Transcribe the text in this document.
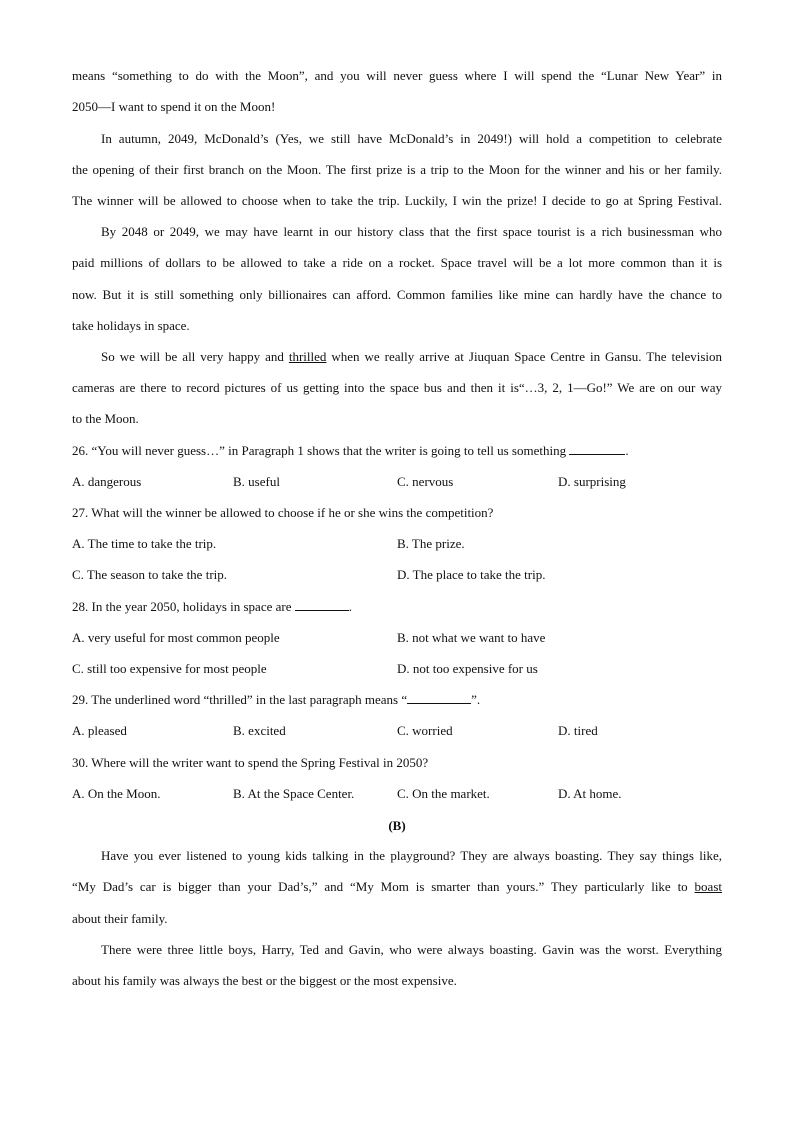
means “something to do with the Moon”, and you will never guess where I will spend the “Lunar New Year” in
2050—I want to spend it on the Moon!
In autumn, 2049, McDonald’s (Yes, we still have McDonald’s in 2049!) will hold a competition to celebrate
the opening of their first branch on the Moon. The first prize is a trip to the Moon for the winner and his or her family.
The winner will be allowed to choose when to take the trip. Luckily, I win the prize! I decide to go at Spring Festival.
By 2048 or 2049, we may have learnt in our history class that the first space tourist is a rich businessman who
paid millions of dollars to be allowed to take a ride on a rocket. Space travel will be a lot more common than it is
now. But it is still something only billionaires can afford. Common families like mine can hardly have the chance to
take holidays in space.
So we will be all very happy and thrilled when we really arrive at Jiuquan Space Centre in Gansu. The television
cameras are there to record pictures of us getting into the space bus and then it is“…3, 2, 1—Go!” We are on our way
to the Moon.
26. “You will never guess…” in Paragraph 1 shows that the writer is going to tell us something	.
A. dangerous	B. useful	C. nervous	D. surprising
27. What will the winner be allowed to choose if he or she wins the competition?
A. The time to take the trip.	B. The prize.
C. The season to take the trip.	D. The place to take the trip.
28. In the year 2050, holidays in space are	.
A. very useful for most common people	B. not what we want to have
C. still too expensive for most people	D. not too expensive for us
29. The underlined word “thrilled” in the last paragraph means “	”.
A. pleased	B. excited	C. worried	D. tired
30. Where will the writer want to spend the Spring Festival in 2050?
A. On the Moon.	B. At the Space Center.	C. On the market.	D. At home.
(B)
Have you ever listened to young kids talking in the playground? They are always boasting. They say things like,
“My Dad’s car is bigger than your Dad’s,” and “My Mom is smarter than yours.” They particularly like to boast
about their family.
There were three little boys, Harry, Ted and Gavin, who were always boasting. Gavin was the worst. Everything
about his family was always the best or the biggest or the most expensive.
